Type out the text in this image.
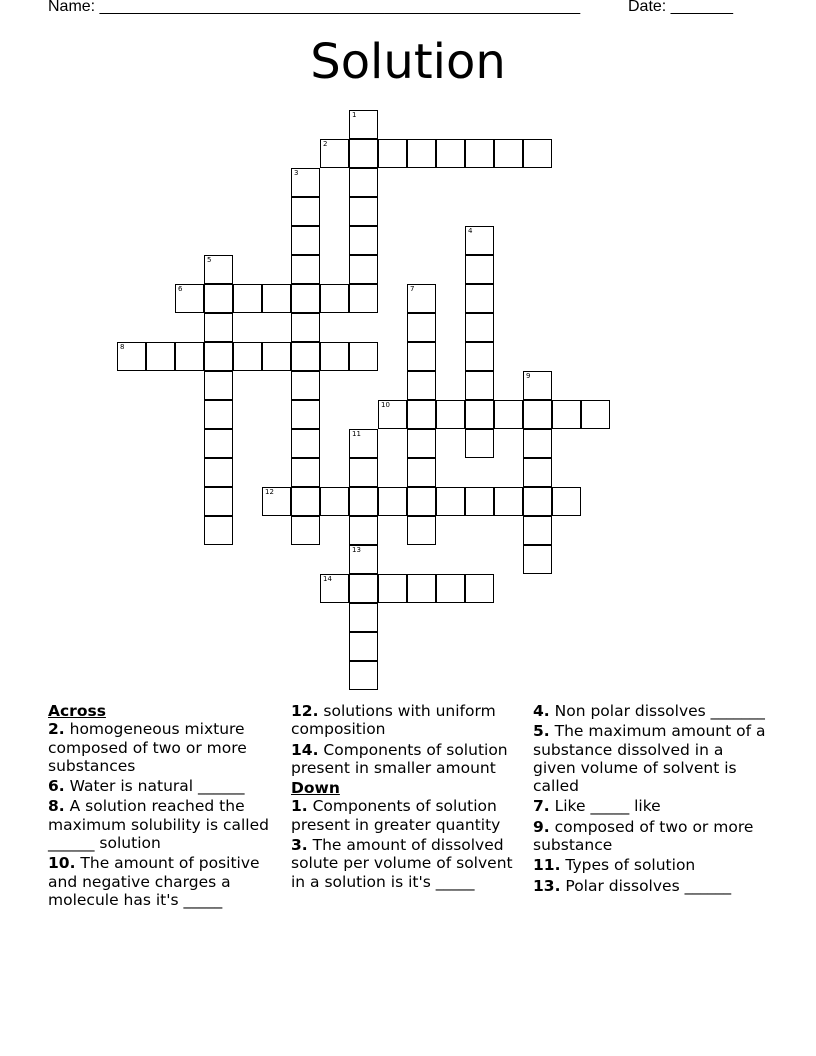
Name: ______________________________________________________	Date: _______
Solution
1
2
3
4
5
6	7
8
9
10
11
12
13
14
Across
2. homogeneous mixture composed of two or more substances
6. Water is natural ______
8. A solution reached the maximum solubility is called ______ solution
10. The amount of positive and negative charges a molecule has it's _____
12. solutions with uniform composition
14. Components of solution present in smaller amount
Down
1. Components of solution present in greater quantity
3. The amount of dissolved solute per volume of solvent in a solution is it's _____
4. Non polar dissolves _______
5. The maximum amount of a substance dissolved in a given volume of solvent is called
7. Like _____ like
9. composed of two or more substance
11. Types of solution
13. Polar dissolves ______
